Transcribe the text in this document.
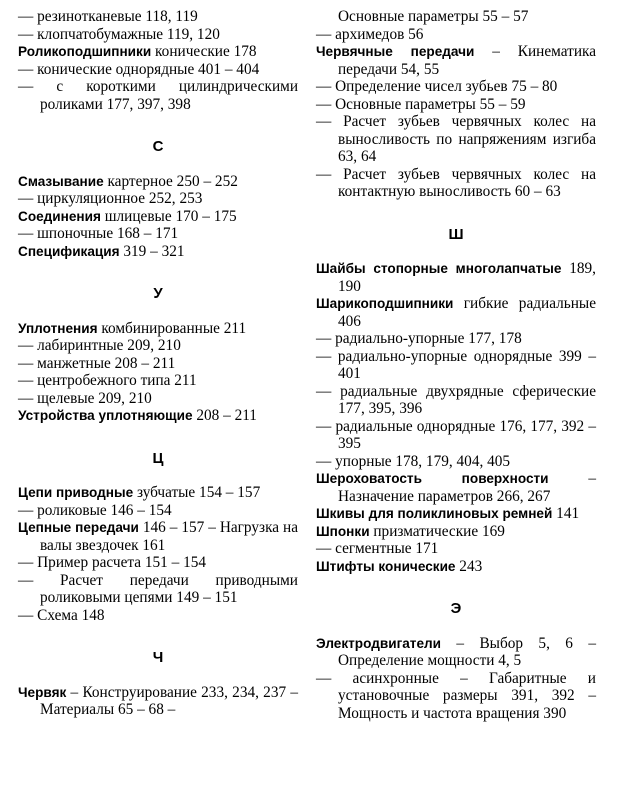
— резинотканевые 118, 119

— клопчатобумажные 119, 120

Роликоподшипники конические 178

— конические однорядные 401 – 404

— с короткими цилиндрическими роликами 177, 397, 398

С

Смазывание картерное 250 – 252

— циркуляционное 252, 253

Соединения шлицевые 170 – 175

— шпоночные 168 – 171

Спецификация 319 – 321

У

Уплотнения комбинированные 211

— лабиринтные 209, 210

— манжетные 208 – 211

— центробежного типа 211

— щелевые 209, 210

Устройства уплотняющие 208 – 211

Ц

Цепи приводные зубчатые 154 – 157

— роликовые 146 – 154

Цепные передачи 146 – 157 – Нагрузка на валы звездочек 161

— Пример расчета 151 – 154

— Расчет передачи приводными роликовыми цепями 149 – 151

— Схема 148

Ч

Червяк – Конструирование 233, 234, 237 – Материалы 65 – 68 –

Основные параметры 55 – 57

— архимедов 56

Червячные передачи – Кинематика передачи 54, 55

— Определение чисел зубьев 75 – 80

— Основные параметры 55 – 59

— Расчет зубьев червячных колес на выносливость по напряжениям изгиба 63, 64

— Расчет зубьев червячных колес на контактную выносливость 60 – 63

Ш

Шайбы стопорные многолапчатые 189, 190

Шарикоподшипники гибкие радиальные 406

— радиально-упорные 177, 178

— радиально-упорные однорядные 399 – 401

— радиальные двухрядные сферические 177, 395, 396

— радиальные однорядные 176, 177, 392 – 395

— упорные 178, 179, 404, 405

Шероховатость поверхности – Назначение параметров 266, 267

Шкивы для поликлиновых ремней 141

Шпонки призматические 169

— сегментные 171

Штифты конические 243

Э

Электродвигатели – Выбор 5, 6 – Определение мощности 4, 5

— асинхронные – Габаритные и установочные размеры 391, 392 – Мощность и частота вращения 390
